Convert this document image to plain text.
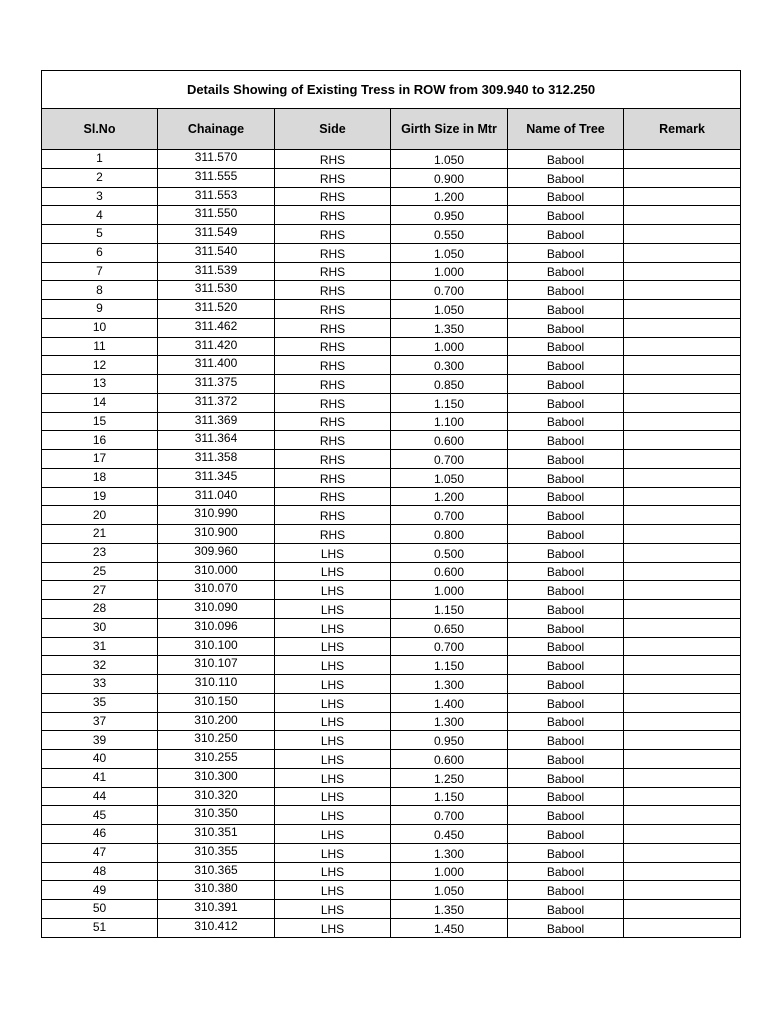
Details Showing of Existing Tress in ROW from 309.940 to 312.250					
Sl.No	Chainage	Side	Girth Size in Mtr	Name of Tree	Remark
1	311.570	RHS	1.050	Babool	
2	311.555	RHS	0.900	Babool	
3	311.553	RHS	1.200	Babool	
4	311.550	RHS	0.950	Babool	
5	311.549	RHS	0.550	Babool	
6	311.540	RHS	1.050	Babool	
7	311.539	RHS	1.000	Babool	
8	311.530	RHS	0.700	Babool	
9	311.520	RHS	1.050	Babool	
10	311.462	RHS	1.350	Babool	
11	311.420	RHS	1.000	Babool	
12	311.400	RHS	0.300	Babool	
13	311.375	RHS	0.850	Babool	
14	311.372	RHS	1.150	Babool	
15	311.369	RHS	1.100	Babool	
16	311.364	RHS	0.600	Babool	
17	311.358	RHS	0.700	Babool	
18	311.345	RHS	1.050	Babool	
19	311.040	RHS	1.200	Babool	
20	310.990	RHS	0.700	Babool	
21	310.900	RHS	0.800	Babool	
23	309.960	LHS	0.500	Babool	
25	310.000	LHS	0.600	Babool	
27	310.070	LHS	1.000	Babool	
28	310.090	LHS	1.150	Babool	
30	310.096	LHS	0.650	Babool	
31	310.100	LHS	0.700	Babool	
32	310.107	LHS	1.150	Babool	
33	310.110	LHS	1.300	Babool	
35	310.150	LHS	1.400	Babool	
37	310.200	LHS	1.300	Babool	
39	310.250	LHS	0.950	Babool	
40	310.255	LHS	0.600	Babool	
41	310.300	LHS	1.250	Babool	
44	310.320	LHS	1.150	Babool	
45	310.350	LHS	0.700	Babool	
46	310.351	LHS	0.450	Babool	
47	310.355	LHS	1.300	Babool	
48	310.365	LHS	1.000	Babool	
49	310.380	LHS	1.050	Babool	
50	310.391	LHS	1.350	Babool	
51	310.412	LHS	1.450	Babool	
